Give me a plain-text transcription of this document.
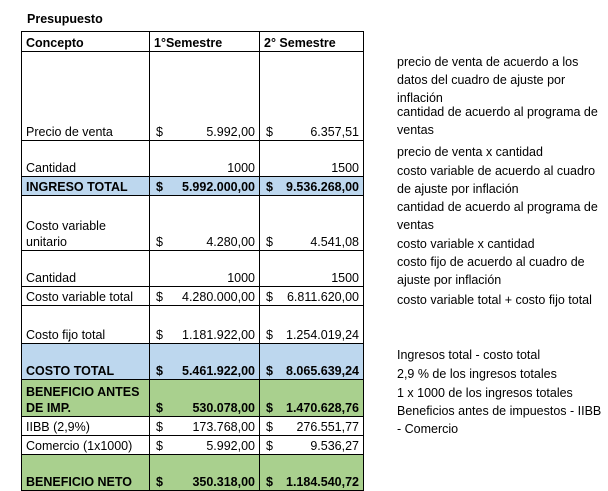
Presupuesto
Concepto	1°Semestre	2° Semestre
Precio de venta	$ 5.992,00	$ 6.357,51

Cantidad	1000	1500
INGRESO TOTAL	$ 5.992.000,00	$ 9.536.268,00

Costo variable unitario	$ 4.280,00	$ 4.541,08

Cantidad	1000	1500
Costo variable total	$ 4.280.000,00	$ 6.811.620,00

Costo fijo total	$ 1.181.922,00	$ 1.254.019,24

COSTO TOTAL	$ 5.461.922,00	$ 8.065.639,24

BENEFICIO ANTES DE IMP.	$ 530.078,00	$ 1.470.628,76

IIBB (2,9%)	$ 173.768,00	$ 276.551,77

Comercio (1x1000)	$ 5.992,00	$ 9.536,27

BENEFICIO NETO	$ 350.318,00	$ 1.184.540,72
precio de venta de acuerdo a los datos del cuadro de ajuste por inflación
cantidad de acuerdo al programa de ventas
precio de venta x cantidad
costo variable de acuerdo al cuadro de ajuste por inflación
cantidad de acuerdo al programa de ventas
costo variable x cantidad
costo fijo de acuerdo al cuadro de ajuste por inflación
costo variable total + costo fijo total
Ingresos total - costo total
2,9 % de los ingresos totales
1 x 1000 de los ingresos totales
Beneficios antes de impuestos - IIBB - Comercio
